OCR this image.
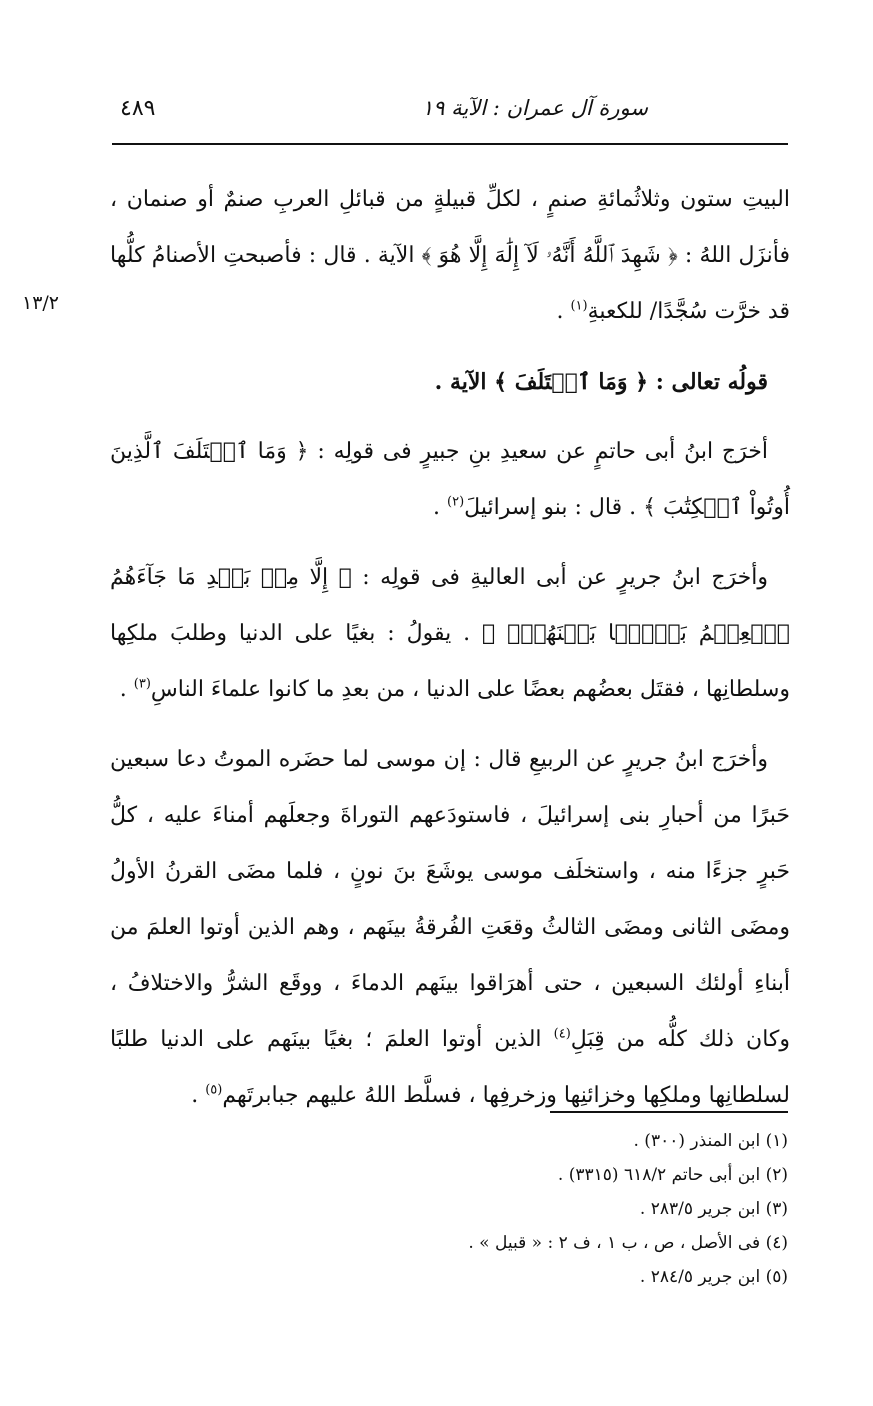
سورة آل عمران : الآية ١٩
٤٨٩
١٣/٢

البيتِ ستون وثلاثُمائةِ صنمٍ ، لكلِّ قبيلةٍ من قبائلِ العربِ صنمٌ أو صنمان ، فأنزَل اللهُ : ﴿ شَهِدَ ٱللَّهُ أَنَّهُۥ لَآ إِلَٰهَ إِلَّا هُوَ ﴾ الآية . قال : فأصبحتِ الأصنامُ كلُّها قد خرَّت سُجَّدًا/ للكعبةِ$^{(١)}$ .

قولُه تعالى : ﴿ وَمَا ٱخۡتَلَفَ ﴾ الآية .

أخرَج ابنُ أبى حاتمٍ عن سعيدِ بنِ جبيرٍ فى قولِه : ﴿ وَمَا ٱخۡتَلَفَ ٱلَّذِينَ أُوتُواْ ٱلۡكِتَٰبَ ﴾ . قال : بنو إسرائيلَ$^{(٢)}$ .

وأخرَج ابنُ جريرٍ عن أبى العاليةِ فى قولِه : ﴿ إِلَّا مِنۢ بَعۡدِ مَا جَآءَهُمُ ٱلۡعِلۡمُ بَغۡيَۢا بَيۡنَهُمۡۗ ﴾ . يقولُ : بغيًا على الدنيا وطلبَ ملكِها وسلطانِها ، فقتَل بعضُهم بعضًا على الدنيا ، من بعدِ ما كانوا علماءَ الناسِ$^{(٣)}$ .

وأخرَج ابنُ جريرٍ عن الربيعِ قال : إن موسى لما حضَره الموتُ دعا سبعين حَبرًا من أحبارِ بنى إسرائيلَ ، فاستودَعهم التوراةَ وجعلَهم أمناءَ عليه ، كلُّ حَبرٍ جزءًا منه ، واستخلَف موسى يوشَعَ بنَ نونٍ ، فلما مضَى القرنُ الأولُ ومضَى الثانى ومضَى الثالثُ وقعَتِ الفُرقةُ بينَهم ، وهم الذين أوتوا العلمَ من أبناءِ أولئك السبعين ، حتى أهرَاقوا بينَهم الدماءَ ، ووقَع الشرُّ والاختلافُ ، وكان ذلك كلُّه من قِبَلِ$^{(٤)}$ الذين أوتوا العلمَ ؛ بغيًا بينَهم على الدنيا طلبًا لسلطانِها وملكِها وخزائنِها وزخرفِها ، فسلَّط اللهُ عليهم جبابرتَهم$^{(٥)}$ .

(١) ابن المنذر (٣٠٠) .
(٢) ابن أبى حاتم ٦١٨/٢ (٣٣١٥) .
(٣) ابن جرير ٢٨٣/٥ .
(٤) فى الأصل ، ص ، ب ١ ، ف ٢ : « قبيل » .
(٥) ابن جرير ٢٨٤/٥ .
